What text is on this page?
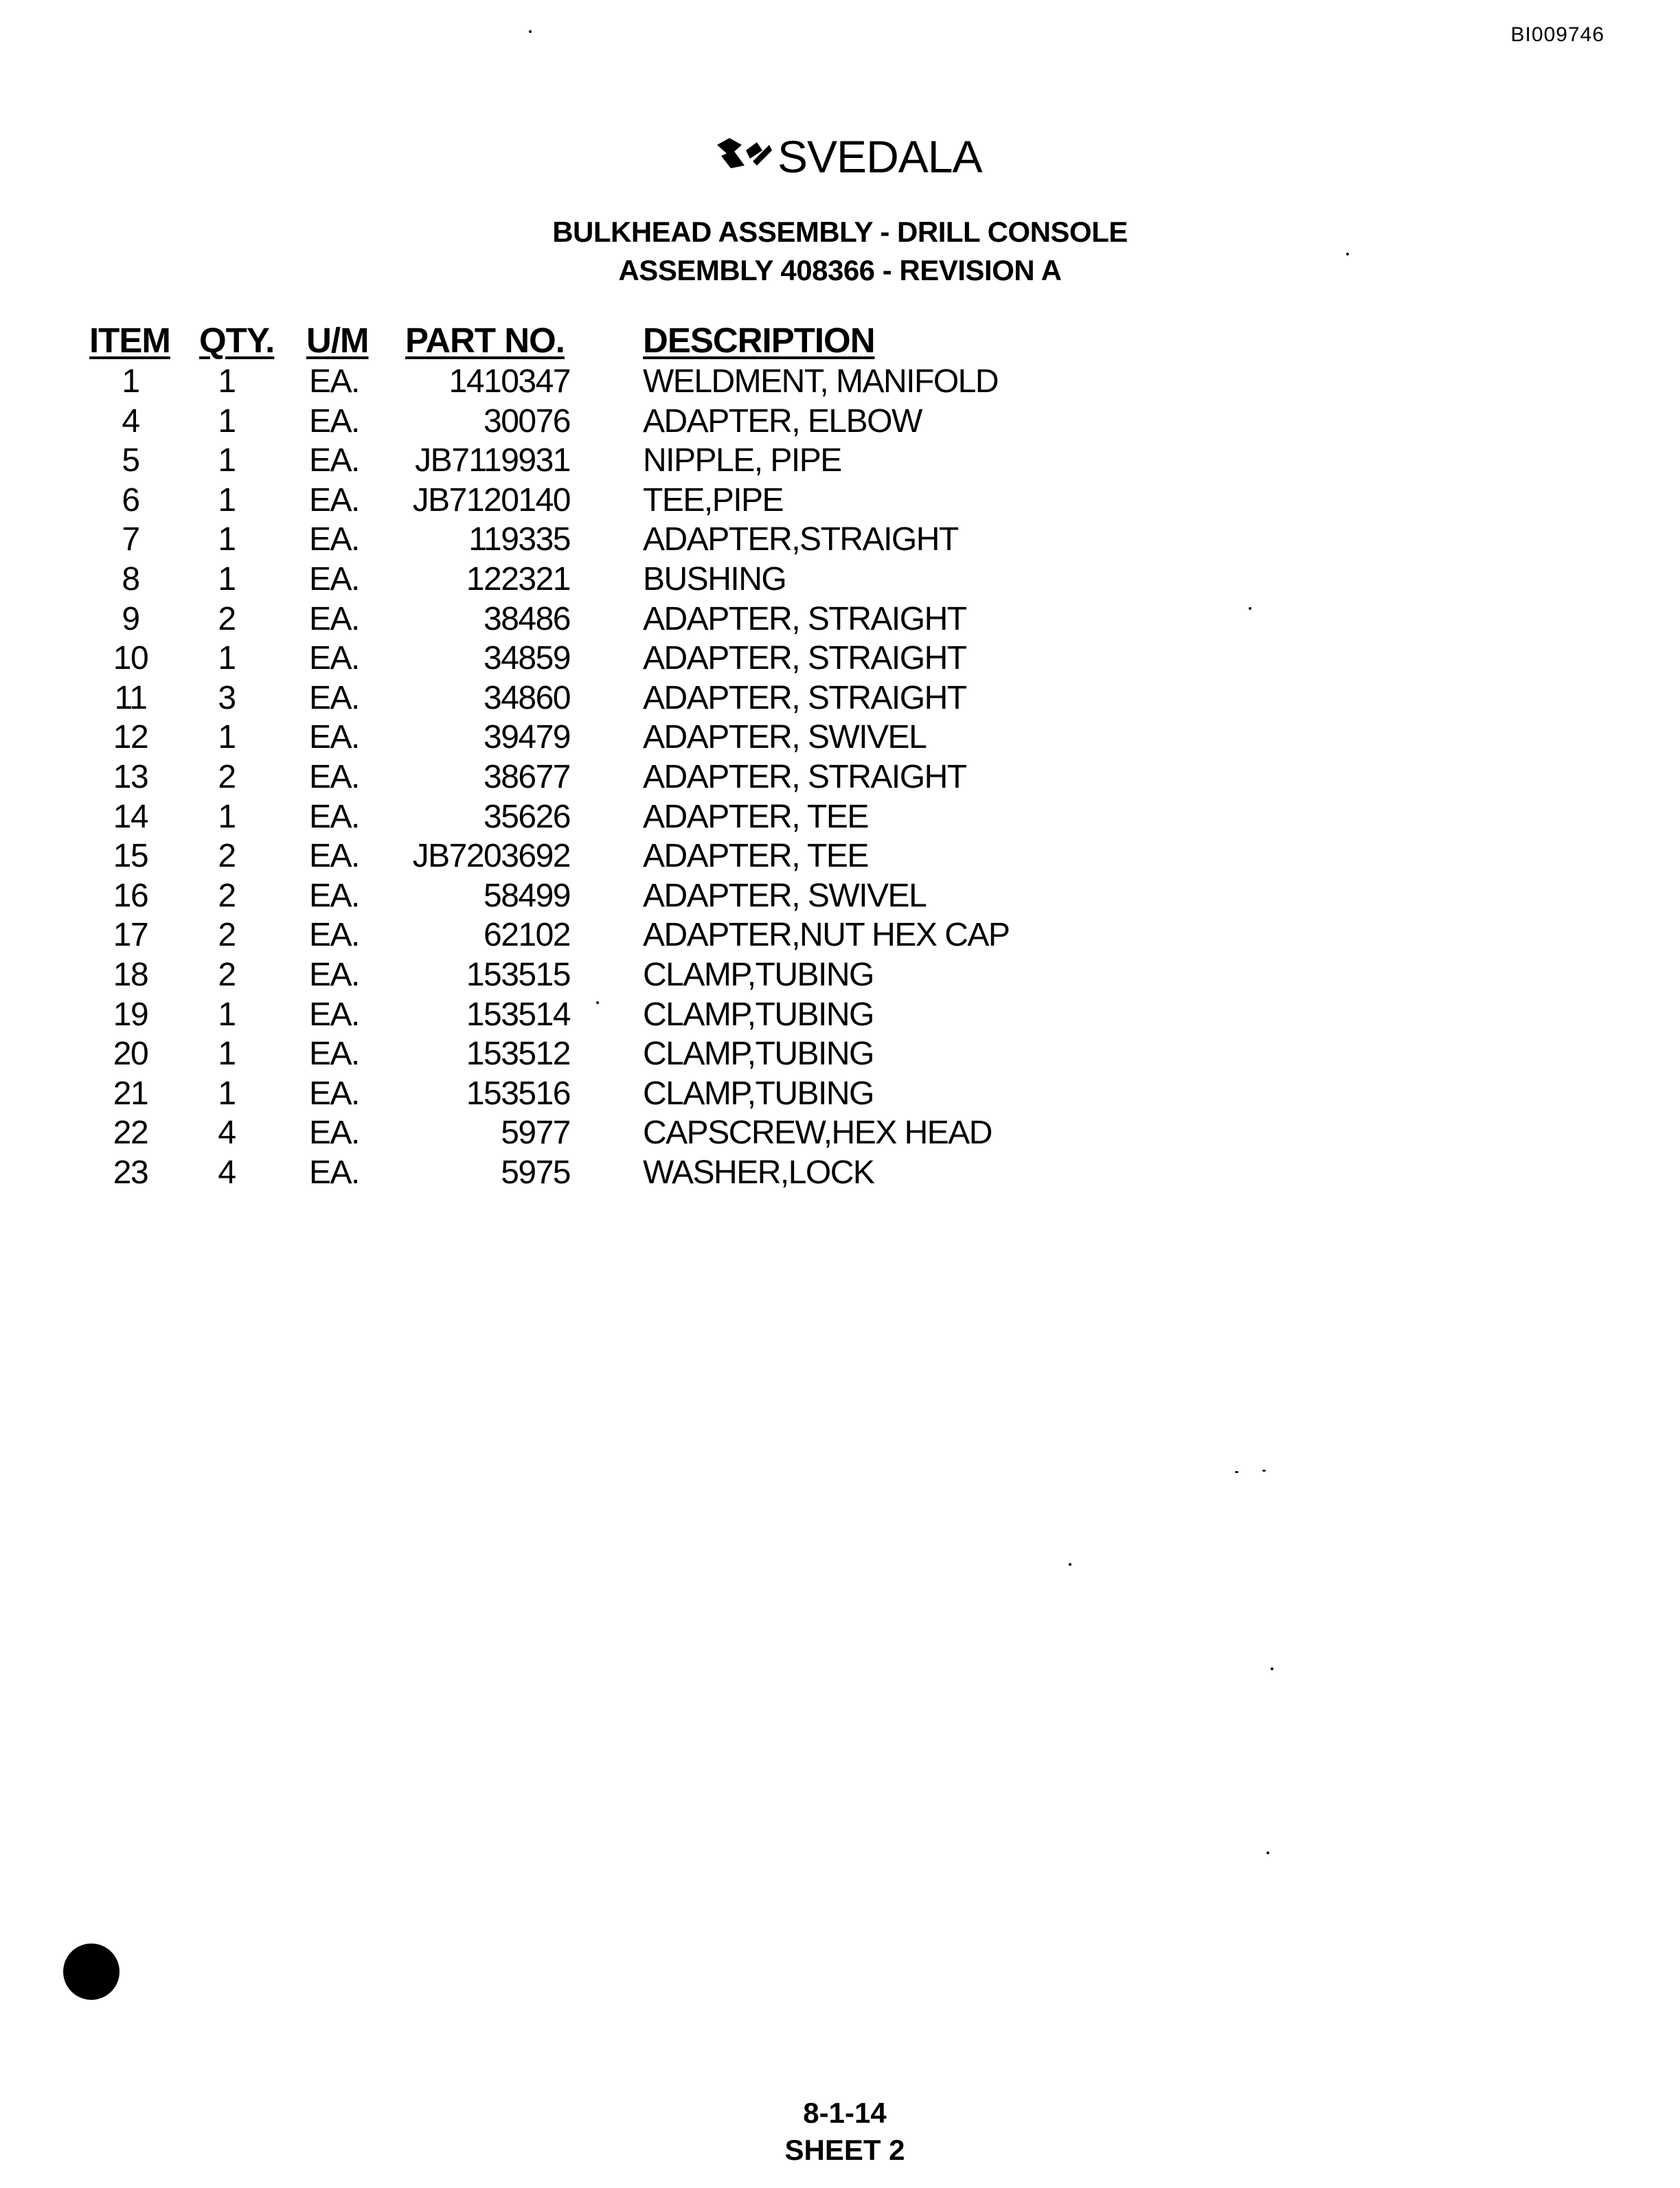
BI009746
SVEDALA
BULKHEAD ASSEMBLY - DRILL CONSOLE
ASSEMBLY 408366 - REVISION A
ITEM QTY. U/M PART NO. DESCRIPTION
1	1	EA.	1410347 WELDMENT, MANIFOLD
4	1	EA.	30076 ADAPTER, ELBOW
5	1	EA.	JB7119931 NIPPLE, PIPE
6	1	EA.	JB7120140 TEE,PIPE
7	1	EA.	119335 ADAPTER,STRAIGHT
8	1	EA.	122321 BUSHING
9	2	EA.	38486 ADAPTER, STRAIGHT
10	1	EA.	34859 ADAPTER, STRAIGHT
11	3	EA.	34860 ADAPTER, STRAIGHT
12	1	EA.	39479 ADAPTER, SWIVEL
13	2	EA.	38677 ADAPTER, STRAIGHT
14	1	EA.	35626 ADAPTER, TEE
15	2	EA.	JB7203692 ADAPTER, TEE
16	2	EA.	58499 ADAPTER, SWIVEL
17	2	EA.	62102 ADAPTER,NUT HEX CAP
18	2	EA.	153515 CLAMP,TUBING
19	1	EA.	153514 CLAMP,TUBING
20	1	EA.	153512 CLAMP,TUBING
21	1	EA.	153516 CLAMP,TUBING
22	4	EA.	5977 CAPSCREW,HEX HEAD
23	4	EA.	5975 WASHER,LOCK
8-1-14
SHEET 2
